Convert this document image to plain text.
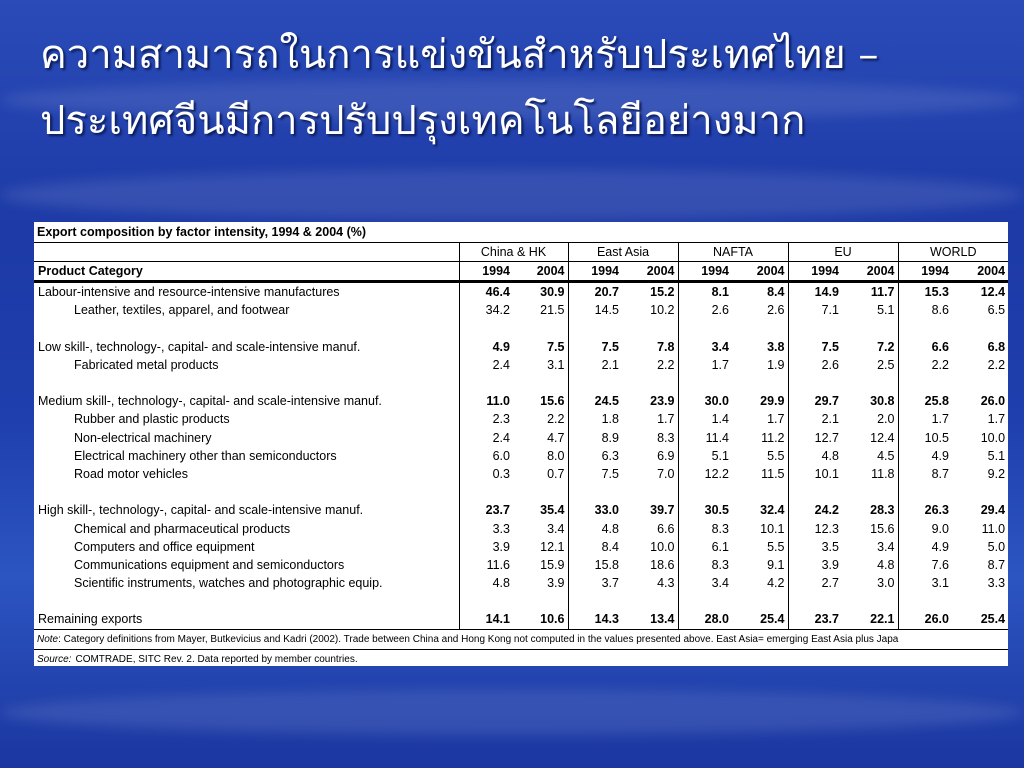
ความสามารถในการแข่งขันสำหรับประเทศไทย –
ประเทศจีนมีการปรับปรุงเทคโนโลยีอย่างมาก
Export composition by factor intensity, 1994 & 2004 (%)										
	China & HK		East Asia		NAFTA		EU		WORLD	
Product Category	1994	2004	1994	2004	1994	2004	1994	2004	1994	2004
Labour-intensive and resource-intensive manufactures	46.4	30.9	20.7	15.2	8.1	8.4	14.9	11.7	15.3	12.4
Leather, textiles, apparel, and footwear	34.2	21.5	14.5	10.2	2.6	2.6	7.1	5.1	8.6	6.5

Low skill-, technology-, capital- and scale-intensive manuf.	4.9	7.5	7.5	7.8	3.4	3.8	7.5	7.2	6.6	6.8
Fabricated metal products	2.4	3.1	2.1	2.2	1.7	1.9	2.6	2.5	2.2	2.2

Medium skill-, technology-, capital- and scale-intensive manuf.	11.0	15.6	24.5	23.9	30.0	29.9	29.7	30.8	25.8	26.0
Rubber and plastic products	2.3	2.2	1.8	1.7	1.4	1.7	2.1	2.0	1.7	1.7
Non-electrical machinery	2.4	4.7	8.9	8.3	11.4	11.2	12.7	12.4	10.5	10.0
Electrical machinery other than semiconductors	6.0	8.0	6.3	6.9	5.1	5.5	4.8	4.5	4.9	5.1
Road motor vehicles	0.3	0.7	7.5	7.0	12.2	11.5	10.1	11.8	8.7	9.2

High skill-, technology-, capital- and scale-intensive manuf.	23.7	35.4	33.0	39.7	30.5	32.4	24.2	28.3	26.3	29.4
Chemical and pharmaceutical products	3.3	3.4	4.8	6.6	8.3	10.1	12.3	15.6	9.0	11.0
Computers and office equipment	3.9	12.1	8.4	10.0	6.1	5.5	3.5	3.4	4.9	5.0
Communications equipment and semiconductors	11.6	15.9	15.8	18.6	8.3	9.1	3.9	4.8	7.6	8.7
Scientific instruments, watches and photographic equip.	4.8	3.9	3.7	4.3	3.4	4.2	2.7	3.0	3.1	3.3

Remaining exports	14.1	10.6	14.3	13.4	28.0	25.4	23.7	22.1	26.0	25.4
Note: Category definitions from Mayer, Butkevicius and Kadri (2002). Trade between China and Hong Kong not computed in the values presented above. East Asia= emerging East Asia plus Japa										
Source: COMTRADE, SITC Rev. 2. Data reported by member countries.										
